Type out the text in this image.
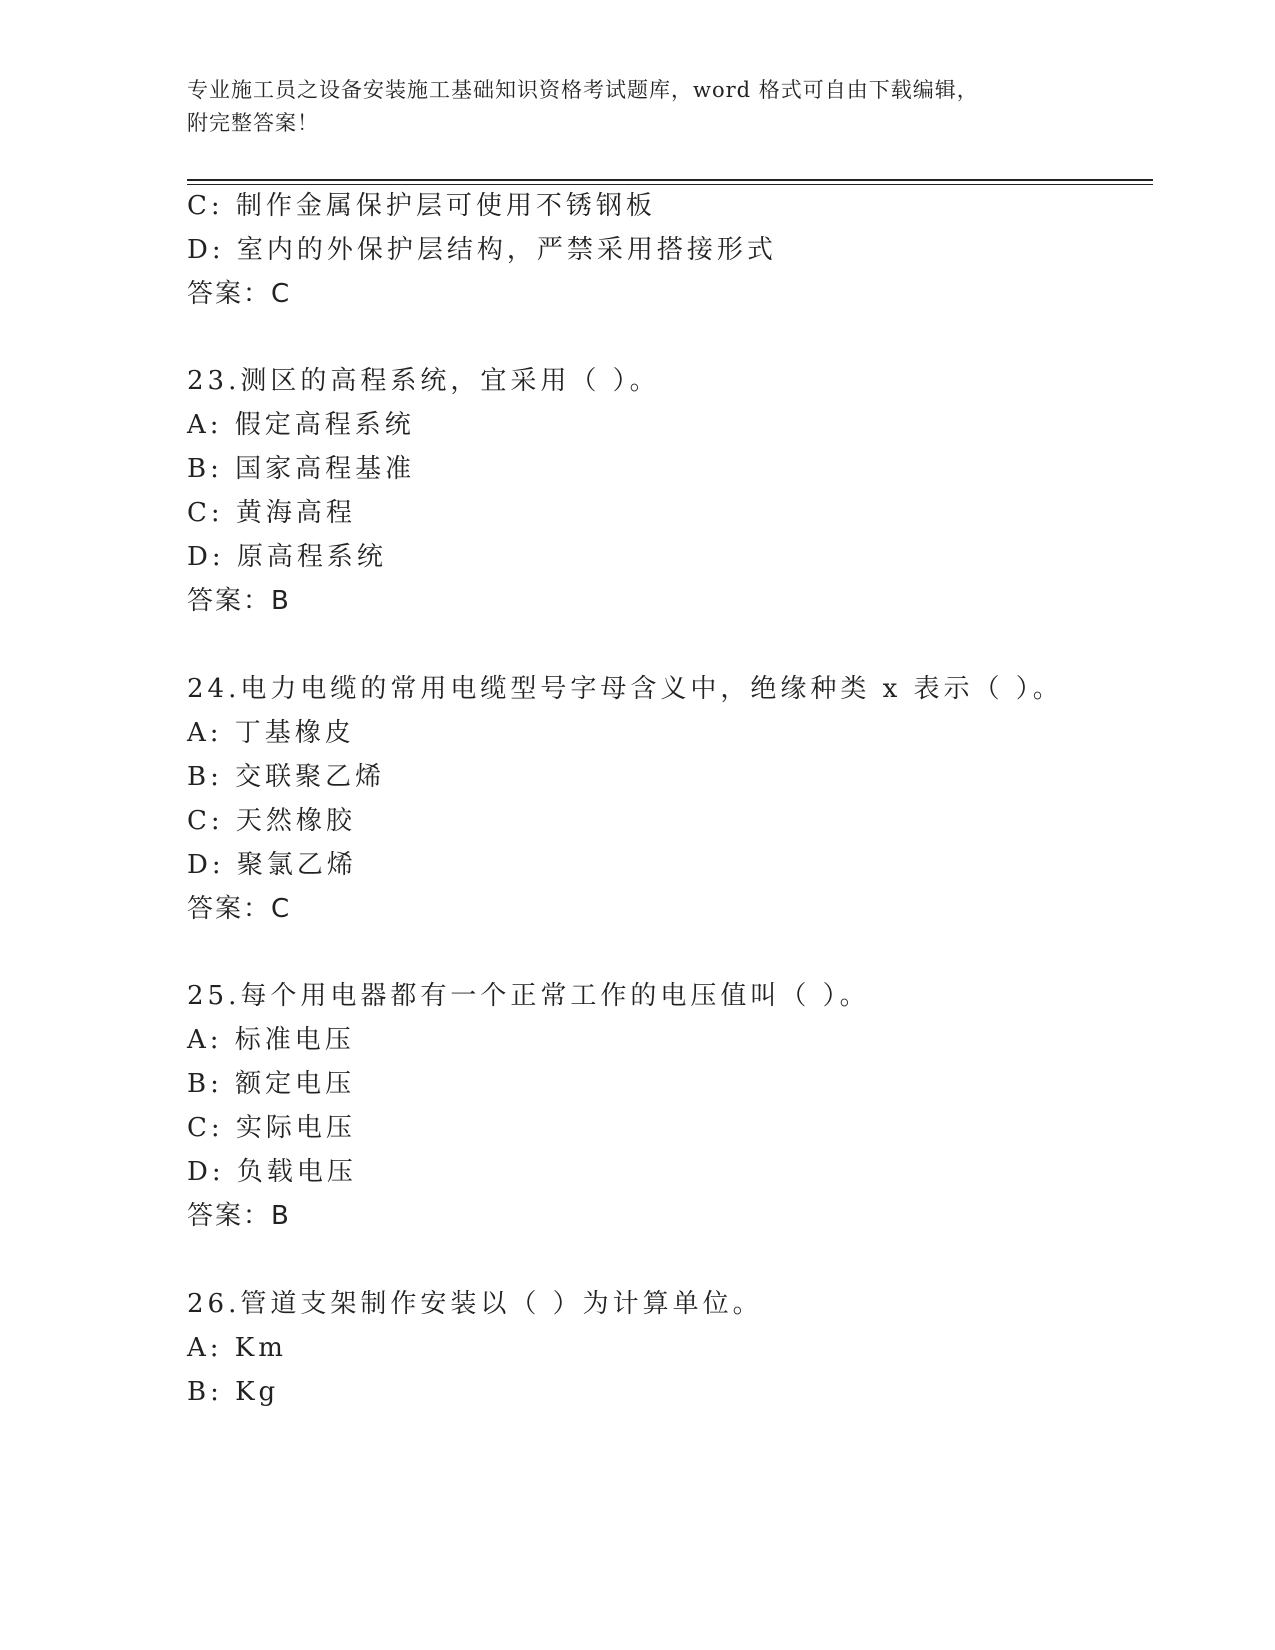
专业施工员之设备安装施工基础知识资格考试题库，word 格式可自由下载编辑，
附完整答案！
C: 制作金属保护层可使用不锈钢板
D: 室内的外保护层结构，严禁采用搭接形式
答案：C
23.测区的高程系统，宜采用（ ）。
A: 假定高程系统
B: 国家高程基准
C: 黄海高程
D: 原高程系统
答案：B
24.电力电缆的常用电缆型号字母含义中，绝缘种类 x 表示（ ）。
A: 丁基橡皮
B: 交联聚乙烯
C: 天然橡胶
D: 聚氯乙烯
答案：C
25.每个用电器都有一个正常工作的电压值叫（ ）。
A: 标准电压
B: 额定电压
C: 实际电压
D: 负载电压
答案：B
26.管道支架制作安装以（ ）为计算单位。
A: Km
B: Kg
